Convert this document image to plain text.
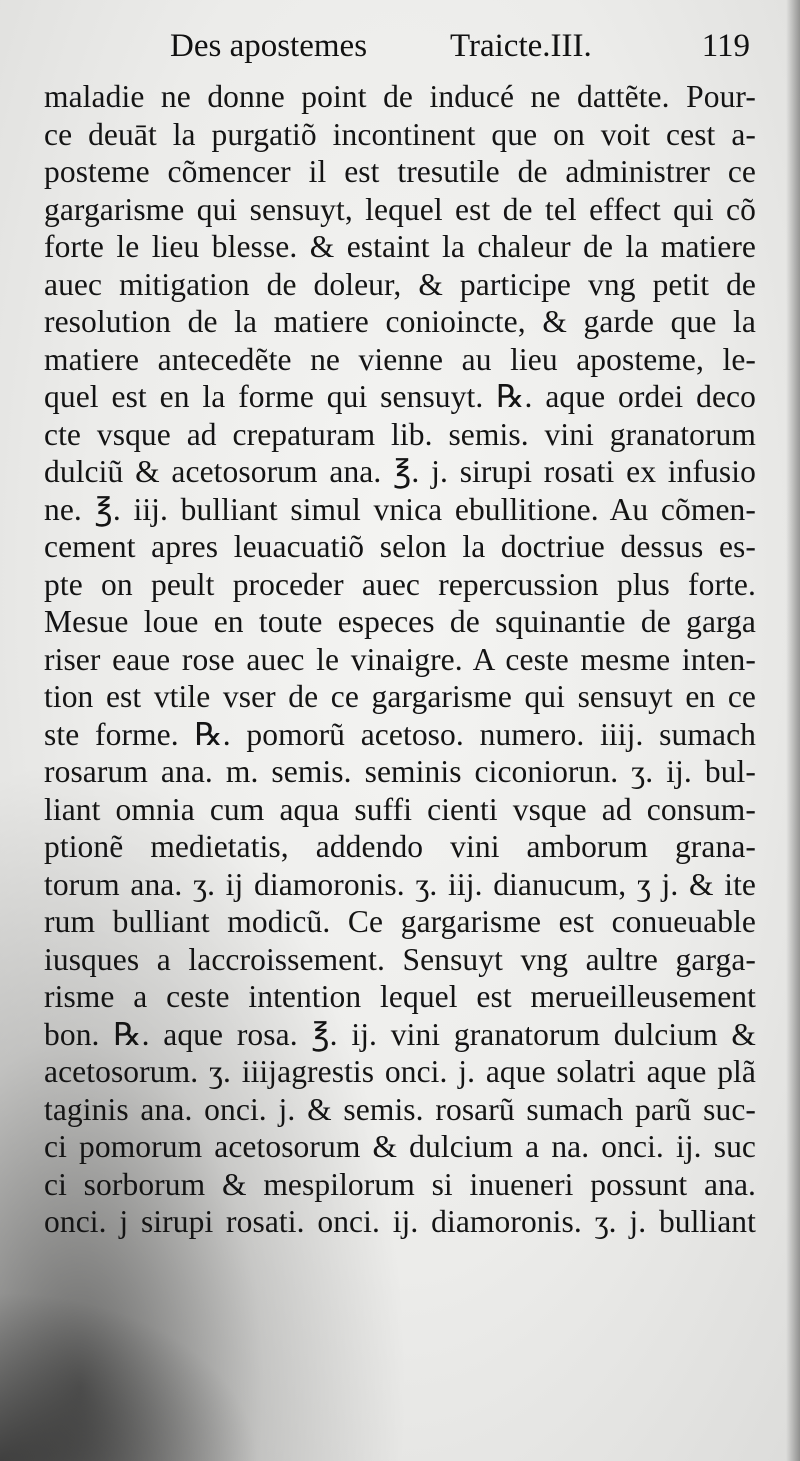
Des apostemes	Traicte.III.	119
maladie ne donne point de inducé ne dattẽte. Pour-
ce deuāt la purgatiõ incontinent que on voit cest a-
posteme cõmencer il est tresutile de administrer ce
gargarisme qui sensuyt, lequel est de tel effect qui cõ
forte le lieu blesse. & estaint la chaleur de la matiere
auec mitigation de doleur, & participe vng petit de
resolution de la matiere conioincte, & garde que la
matiere antecedẽte ne vienne au lieu aposteme, le-
quel est en la forme qui sensuyt. ℞. aque ordei deco
cte vsque ad crepaturam lib. semis. vini granatorum
dulciũ & acetosorum ana. ℥. j. sirupi rosati ex infusio
ne. ℥. iij. bulliant simul vnica ebullitione. Au cõmen-
cement apres leuacuatiõ selon la doctriue dessus es-
pte on peult proceder auec repercussion plus forte.
Mesue loue en toute especes de squinantie de garga
riser eaue rose auec le vinaigre. A ceste mesme inten-
tion est vtile vser de ce gargarisme qui sensuyt en ce
ste forme. ℞. pomorũ acetoso. numero. iiij. sumach
rosarum ana. m. semis. seminis ciconiorun. ʒ. ij. bul-
liant omnia cum aqua suffi cienti vsque ad consum-
ptionẽ medietatis, addendo vini amborum grana-
torum ana. ʒ. ij diamoronis. ʒ. iij. dianucum, ʒ j. & ite
rum bulliant modicũ. Ce gargarisme est conueuable
iusques a laccroissement. Sensuyt vng aultre garga-
risme a ceste intention lequel est merueilleusement
bon. ℞. aque rosa. ℥. ij. vini granatorum dulcium &
acetosorum. ʒ. iiijagrestis onci. j. aque solatri aque plã
taginis ana. onci. j. & semis. rosarũ sumach parũ suc-
ci pomorum acetosorum & dulcium a na. onci. ij. suc
ci sorborum & mespilorum si inueneri possunt ana.
onci. j sirupi rosati. onci. ij. diamoronis. ʒ. j. bulliant
